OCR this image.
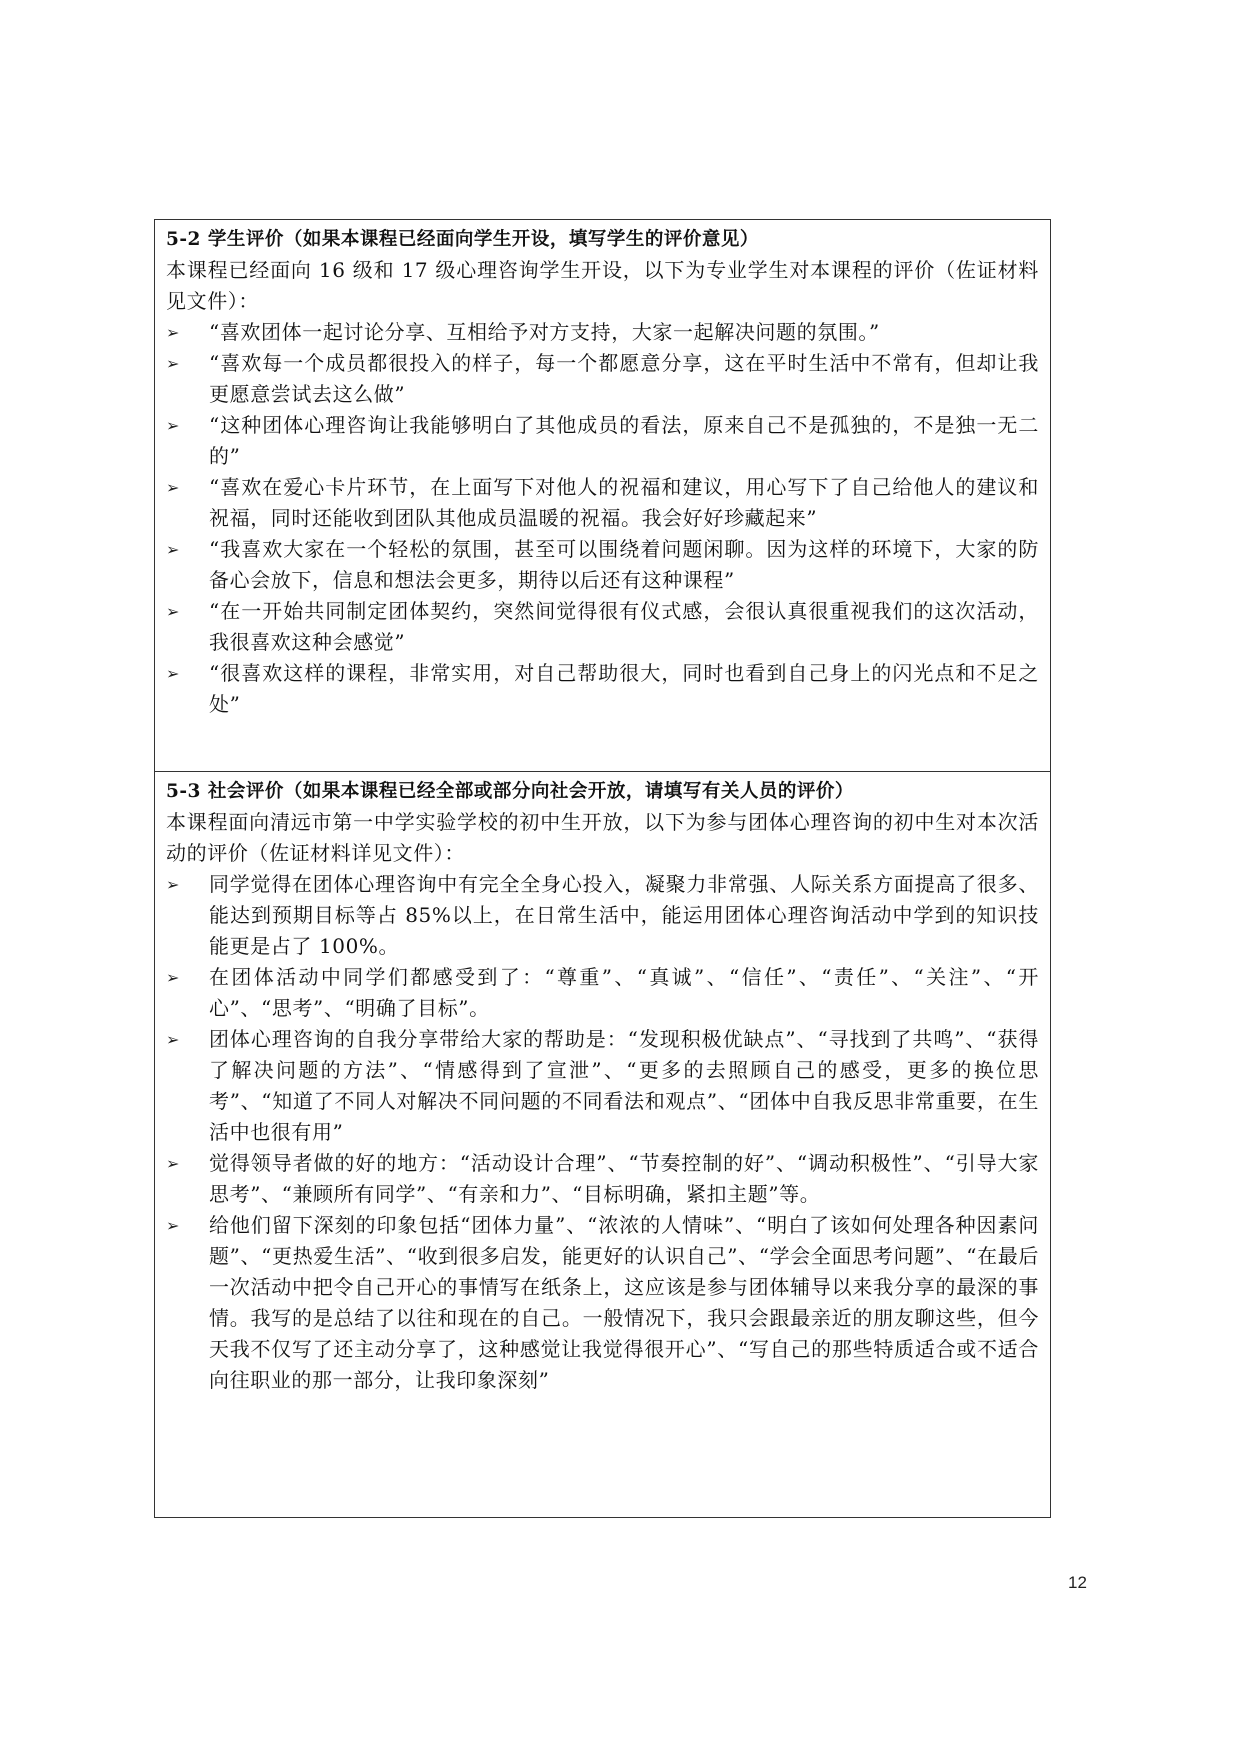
5-2 学生评价（如果本课程已经面向学生开设，填写学生的评价意见）
本课程已经面向 16 级和 17 级心理咨询学生开设，以下为专业学生对本课程的评价（佐证材料见文件）：
➢	“喜欢团体一起讨论分享、互相给予对方支持，大家一起解决问题的氛围。”
➢	“喜欢每一个成员都很投入的样子，每一个都愿意分享，这在平时生活中不常有，但却让我更愿意尝试去这么做”
➢	“这种团体心理咨询让我能够明白了其他成员的看法，原来自己不是孤独的，不是独一无二的”
➢	“喜欢在爱心卡片环节，在上面写下对他人的祝福和建议，用心写下了自己给他人的建议和祝福，同时还能收到团队其他成员温暖的祝福。我会好好珍藏起来”
➢	“我喜欢大家在一个轻松的氛围，甚至可以围绕着问题闲聊。因为这样的环境下，大家的防备心会放下，信息和想法会更多，期待以后还有这种课程”
➢	“在一开始共同制定团体契约，突然间觉得很有仪式感，会很认真很重视我们的这次活动，我很喜欢这种会感觉”
➢	“很喜欢这样的课程，非常实用，对自己帮助很大，同时也看到自己身上的闪光点和不足之处”
5-3 社会评价（如果本课程已经全部或部分向社会开放，请填写有关人员的评价）
本课程面向清远市第一中学实验学校的初中生开放，以下为参与团体心理咨询的初中生对本次活动的评价（佐证材料详见文件）：
➢	同学觉得在团体心理咨询中有完全全身心投入，凝聚力非常强、人际关系方面提高了很多、能达到预期目标等占 85%以上，在日常生活中，能运用团体心理咨询活动中学到的知识技能更是占了 100%。
➢	在团体活动中同学们都感受到了：“尊重”、“真诚”、“信任”、“责任”、“关注”、“开心”、“思考”、“明确了目标”。
➢	团体心理咨询的自我分享带给大家的帮助是：“发现积极优缺点”、“寻找到了共鸣”、“获得了解决问题的方法”、“情感得到了宣泄”、“更多的去照顾自己的感受，更多的换位思考”、“知道了不同人对解决不同问题的不同看法和观点”、“团体中自我反思非常重要，在生活中也很有用”
➢	觉得领导者做的好的地方：“活动设计合理”、“节奏控制的好”、“调动积极性”、“引导大家思考”、“兼顾所有同学”、“有亲和力”、“目标明确，紧扣主题”等。
➢	给他们留下深刻的印象包括“团体力量”、“浓浓的人情味”、“明白了该如何处理各种因素问题”、“更热爱生活”、“收到很多启发，能更好的认识自己”、“学会全面思考问题”、“在最后一次活动中把令自己开心的事情写在纸条上，这应该是参与团体辅导以来我分享的最深的事情。我写的是总结了以往和现在的自己。一般情况下，我只会跟最亲近的朋友聊这些，但今天我不仅写了还主动分享了，这种感觉让我觉得很开心”、“写自己的那些特质适合或不适合向往职业的那一部分，让我印象深刻”
12
